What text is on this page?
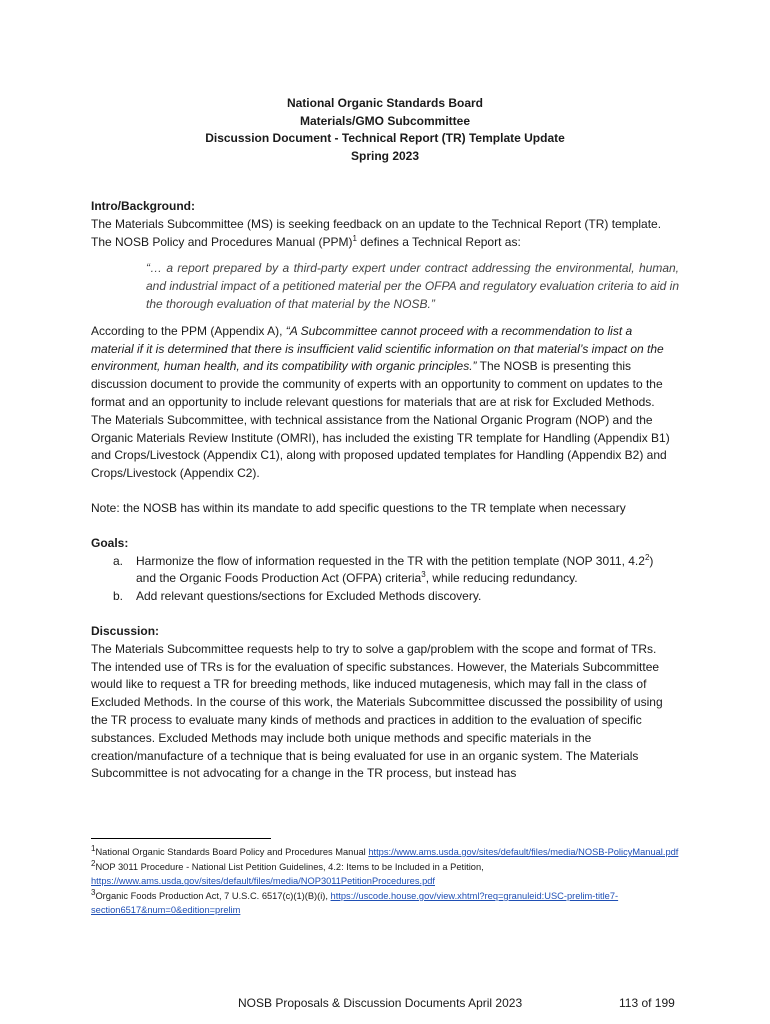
National Organic Standards Board
Materials/GMO Subcommittee
Discussion Document - Technical Report (TR) Template Update
Spring 2023

Intro/Background:

The Materials Subcommittee (MS) is seeking feedback on an update to the Technical Report (TR) template. The NOSB Policy and Procedures Manual (PPM)$^1$ defines a Technical Report as:

“… a report prepared by a third-party expert under contract addressing the environmental, human, and industrial impact of a petitioned material per the OFPA and regulatory evaluation criteria to aid in the thorough evaluation of that material by the NOSB.”

According to the PPM (Appendix A), “A Subcommittee cannot proceed with a recommendation to list a material if it is determined that there is insufficient valid scientific information on that material’s impact on the environment, human health, and its compatibility with organic principles.” The NOSB is presenting this discussion document to provide the community of experts with an opportunity to comment on updates to the format and an opportunity to include relevant questions for materials that are at risk for Excluded Methods. The Materials Subcommittee, with technical assistance from the National Organic Program (NOP) and the Organic Materials Review Institute (OMRI), has included the existing TR template for Handling (Appendix B1) and Crops/Livestock (Appendix C1), along with proposed updated templates for Handling (Appendix B2) and Crops/Livestock (Appendix C2).

Note: the NOSB has within its mandate to add specific questions to the TR template when necessary

Goals:

a. Harmonize the flow of information requested in the TR with the petition template (NOP 3011, $4.2^2$) and the Organic Foods Production Act (OFPA) criteria$^3$, while reducing redundancy.
b. Add relevant questions/sections for Excluded Methods discovery.

Discussion:

The Materials Subcommittee requests help to try to solve a gap/problem with the scope and format of TRs. The intended use of TRs is for the evaluation of specific substances. However, the Materials Subcommittee would like to request a TR for breeding methods, like induced mutagenesis, which may fall in the class of Excluded Methods. In the course of this work, the Materials Subcommittee discussed the possibility of using the TR process to evaluate many kinds of methods and practices in addition to the evaluation of specific substances. Excluded Methods may include both unique methods and specific materials in the creation/manufacture of a technique that is being evaluated for use in an organic system. The Materials Subcommittee is not advocating for a change in the TR process, but instead has

$^1$National Organic Standards Board Policy and Procedures Manual https://www.ams.usda.gov/sites/default/files/media/NOSB-PolicyManual.pdf
$^2$NOP 3011 Procedure - National List Petition Guidelines, 4.2: Items to be Included in a Petition, https://www.ams.usda.gov/sites/default/files/media/NOP3011PetitionProcedures.pdf
$^3$Organic Foods Production Act, 7 U.S.C. 6517(c)(1)(B)(i), https://uscode.house.gov/view.xhtml?req=granuleid:USC-prelim-title7-section6517&num=0&edition=prelim
NOSB Proposals & Discussion Documents April 2023	113 of 199
